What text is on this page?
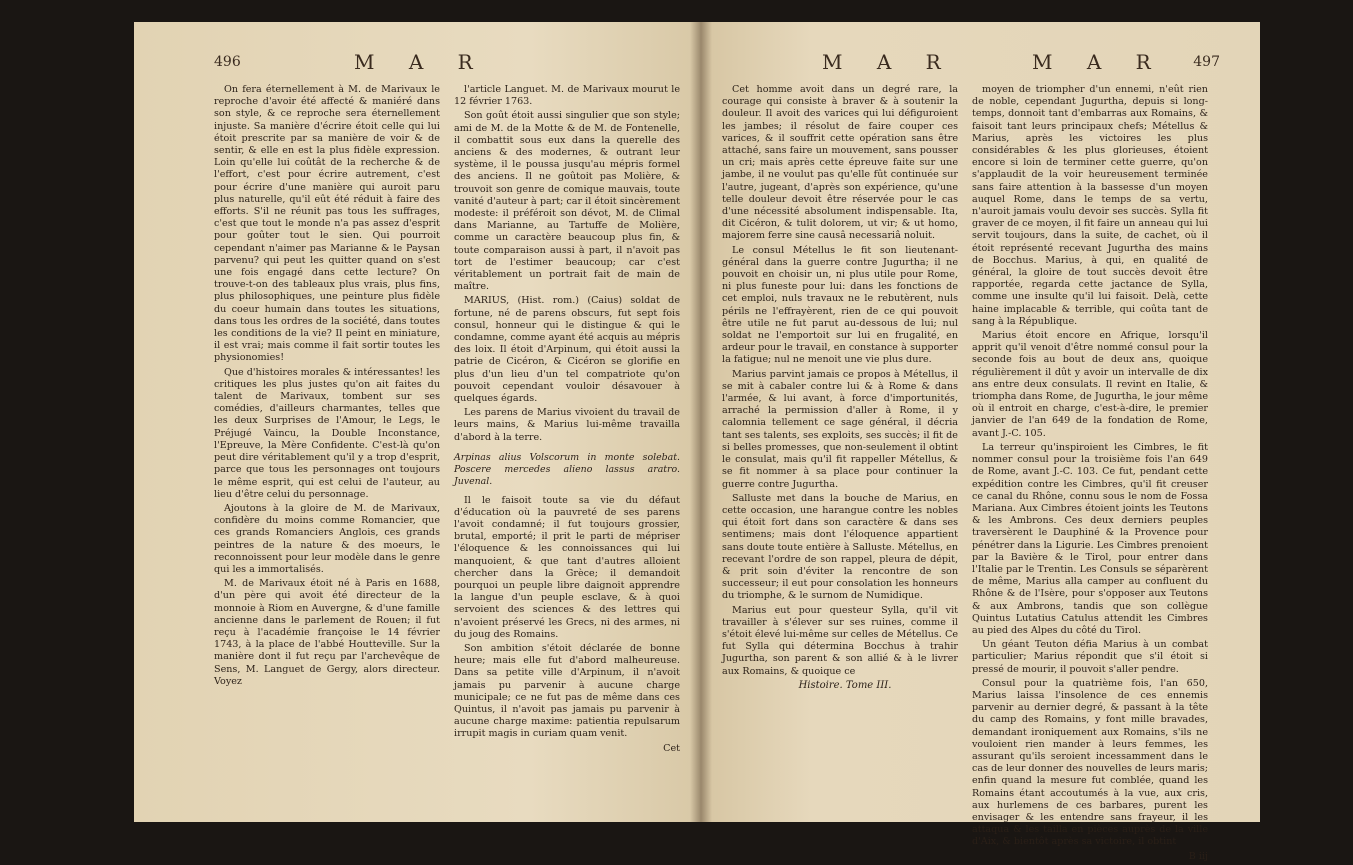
496	M A R

On fera éternellement à M. de Marivaux le reproche d'avoir été affecté & maniéré dans son style, & ce reproche sera éternellement injuste. Sa manière d'écrire étoit celle qui lui étoit prescrite par sa manière de voir & de sentir, & elle en est la plus fidèle expression. Loin qu'elle lui coûtât de la recherche & de l'effort, c'est pour écrire autrement, c'est pour écrire d'une manière qui auroit paru plus naturelle, qu'il eût été réduit à faire des efforts. S'il ne réunit pas tous les suffrages, c'est que tout le monde n'a pas assez d'esprit pour goûter tout le sien. Qui pourroit cependant n'aimer pas Marianne & le Paysan parvenu? qui peut les quitter quand on s'est une fois engagé dans cette lecture? On trouve-t-on des tableaux plus vrais, plus fins, plus philosophiques, une peinture plus fidèle du coeur humain dans toutes les situations, dans tous les ordres de la société, dans toutes les conditions de la vie? Il peint en miniature, il est vrai; mais comme il fait sortir toutes les physionomies!

Que d'histoires morales & intéressantes! les critiques les plus justes qu'on ait faites du talent de Marivaux, tombent sur ses comédies, d'ailleurs charmantes, telles que les deux Surprises de l'Amour, le Legs, le Préjugé Vaincu, la Double Inconstance, l'Epreuve, la Mère Confidente. C'est-là qu'on peut dire véritablement qu'il y a trop d'esprit, parce que tous les personnages ont toujours le même esprit, qui est celui de l'auteur, au lieu d'être celui du personnage.

Ajoutons à la gloire de M. de Marivaux, confidère du moins comme Romancier, que ces grands Romanciers Anglois, ces grands peintres de la nature & des moeurs, le reconnoissent pour leur modèle dans le genre qui les a immortalisés.

M. de Marivaux étoit né à Paris en 1688, d'un père qui avoit été directeur de la monnoie à Riom en Auvergne, & d'une famille ancienne dans le parlement de Rouen; il fut reçu à l'académie françoise le 14 février 1743, à la place de l'abbé Houtteville. Sur la manière dont il fut reçu par l'archevêque de Sens, M. Languet de Gergy, alors directeur. Voyez

l'article Languet. M. de Marivaux mourut le 12 février 1763.

Son goût étoit aussi singulier que son style; ami de M. de la Motte & de M. de Fontenelle, il combattit sous eux dans la querelle des anciens & des modernes, & outrant leur système, il le poussa jusqu'au mépris formel des anciens. Il ne goûtoit pas Molière, & trouvoit son genre de comique mauvais, toute vanité d'auteur à part; car il étoit sincèrement modeste: il préféroit son dévot, M. de Climal dans Marianne, au Tartuffe de Molière, comme un caractère beaucoup plus fin, & toute comparaison aussi à part, il n'avoit pas tort de l'estimer beaucoup; car c'est véritablement un portrait fait de main de maître.

MARIUS, (Hist. rom.) (Caius) soldat de fortune, né de parens obscurs, fut sept fois consul, honneur qui le distingue & qui le condamne, comme ayant été acquis au mépris des loix. Il étoit d'Arpinum, qui étoit aussi la patrie de Cicéron, & Cicéron se glorifie en plus d'un lieu d'un tel compatriote qu'on pouvoit cependant vouloir désavouer à quelques égards.

Les parens de Marius vivoient du travail de leurs mains, & Marius lui-même travailla d'abord à la terre.

Arpinas alius Volscorum in monte solebat. Poscere mercedes alieno lassus aratro. Juvenal.

Il le faisoit toute sa vie du défaut d'éducation où la pauvreté de ses parens l'avoit condamné; il fut toujours grossier, brutal, emporté; il prit le parti de mépriser l'éloquence & les connoissances qui lui manquoient, & que tant d'autres alloient chercher dans la Grèce; il demandoit pourquoi un peuple libre daignoit apprendre la langue d'un peuple esclave, & à quoi servoient des sciences & des lettres qui n'avoient préservé les Grecs, ni des armes, ni du joug des Romains.

Son ambition s'étoit déclarée de bonne heure; mais elle fut d'abord malheureuse. Dans sa petite ville d'Arpinum, il n'avoit jamais pu parvenir à aucune charge municipale; ce ne fut pas de même dans ces Quintus, il n'avoit pas jamais pu parvenir à aucune charge maxime: patientia repulsarum irrupit magis in curiam quam venit.

Cet

M A R	M A R 497

Cet homme avoit dans un degré rare, la courage qui consiste à braver & à soutenir la douleur. Il avoit des varices qui lui défiguroient les jambes; il résolut de faire couper ces varices, & il souffrit cette opération sans être attaché, sans faire un mouvement, sans pousser un cri; mais après cette épreuve faite sur une jambe, il ne voulut pas qu'elle fût continuée sur l'autre, jugeant, d'après son expérience, qu'une telle douleur devoit être réservée pour le cas d'une nécessité absolument indispensable. Ita, dit Cicéron, & tulit dolorem, ut vir; & ut homo, majorem ferre sine causâ necessariâ noluit.

Le consul Métellus le fit son lieutenant-général dans la guerre contre Jugurtha; il ne pouvoit en choisir un, ni plus utile pour Rome, ni plus funeste pour lui: dans les fonctions de cet emploi, nuls travaux ne le rebutèrent, nuls périls ne l'effrayèrent, rien de ce qui pouvoit être utile ne fut parut au-dessous de lui; nul soldat ne l'emportoit sur lui en frugalité, en ardeur pour le travail, en constance à supporter la fatigue; nul ne menoit une vie plus dure.

Marius parvint jamais ce propos à Métellus, il se mit à cabaler contre lui & à Rome & dans l'armée, & lui avant, à force d'importunités, arraché la permission d'aller à Rome, il y calomnia tellement ce sage général, il décria tant ses talents, ses exploits, ses succès; il fit de si belles promesses, que non-seulement il obtint le consulat, mais qu'il fit rappeller Métellus, & se fit nommer à sa place pour continuer la guerre contre Jugurtha.

Salluste met dans la bouche de Marius, en cette occasion, une harangue contre les nobles qui étoit fort dans son caractère & dans ses sentimens; mais dont l'éloquence appartient sans doute toute entière à Salluste. Métellus, en recevant l'ordre de son rappel, pleura de dépit, & prit soin d'éviter la rencontre de son successeur; il eut pour consolation les honneurs du triomphe, & le surnom de Numidique.

Marius eut pour questeur Sylla, qu'il vit travailler à s'élever sur ses ruines, comme il s'étoit élevé lui-même sur celles de Métellus. Ce fut Sylla qui détermina Bocchus à trahir Jugurtha, son parent & son allié & à le livrer aux Romains, & quoique ce

Histoire. Tome III.

moyen de triompher d'un ennemi, n'eût rien de noble, cependant Jugurtha, depuis si long-temps, donnoit tant d'embarras aux Romains, & faisoit tant leurs principaux chefs; Métellus & Marius, après les victoires les plus considérables & les plus glorieuses, étoient encore si loin de terminer cette guerre, qu'on s'applaudit de la voir heureusement terminée sans faire attention à la bassesse d'un moyen auquel Rome, dans le temps de sa vertu, n'auroit jamais voulu devoir ses succès. Sylla fit graver de ce moyen, il fit faire un anneau qui lui servit toujours, dans la suite, de cachet, où il étoit représenté recevant Jugurtha des mains de Bocchus. Marius, à qui, en qualité de général, la gloire de tout succès devoit être rapportée, regarda cette jactance de Sylla, comme une insulte qu'il lui faisoit. Delà, cette haine implacable & terrible, qui coûta tant de sang à la République.

Marius étoit encore en Afrique, lorsqu'il apprit qu'il venoit d'être nommé consul pour la seconde fois au bout de deux ans, quoique régulièrement il dût y avoir un intervalle de dix ans entre deux consulats. Il revint en Italie, & triompha dans Rome, de Jugurtha, le jour même où il entroit en charge, c'est-à-dire, le premier janvier de l'an 649 de la fondation de Rome, avant J.-C. 105.

La terreur qu'inspiroient les Cimbres, le fit nommer consul pour la troisième fois l'an 649 de Rome, avant J.-C. 103. Ce fut, pendant cette expédition contre les Cimbres, qu'il fit creuser ce canal du Rhône, connu sous le nom de Fossa Mariana. Aux Cimbres étoient joints les Teutons & les Ambrons. Ces deux derniers peuples traversèrent le Dauphiné & la Provence pour pénétrer dans la Ligurie. Les Cimbres prenoient par la Bavière & le Tirol, pour entrer dans l'Italie par le Trentin. Les Consuls se séparèrent de même, Marius alla camper au confluent du Rhône & de l'Isère, pour s'opposer aux Teutons & aux Ambrons, tandis que son collègue Quintus Lutatius Catulus attendit les Cimbres au pied des Alpes du côté du Tirol.

Un géant Teuton défia Marius à un combat particulier; Marius répondit que s'il étoit si pressé de mourir, il pouvoit s'aller pendre.

Consul pour la quatrième fois, l'an 650, Marius laissa l'insolence de ces ennemis parvenir au dernier degré, & passant à la tête du camp des Romains, y font mille bravades, demandant ironiquement aux Romains, s'ils ne vouloient rien mander à leurs femmes, les assurant qu'ils seroient incessamment dans le cas de leur donner des nouvelles de leurs maris; enfin quand la mesure fut comblée, quand les Romains étant accoutumés à la vue, aux cris, aux hurlemens de ces barbares, purent les envisager & les entendre sans frayeur, il les attaqua & les tailla en pièces auprès de la ville d'Aix, & bientôt après sa victoire, il obtint

B iij
